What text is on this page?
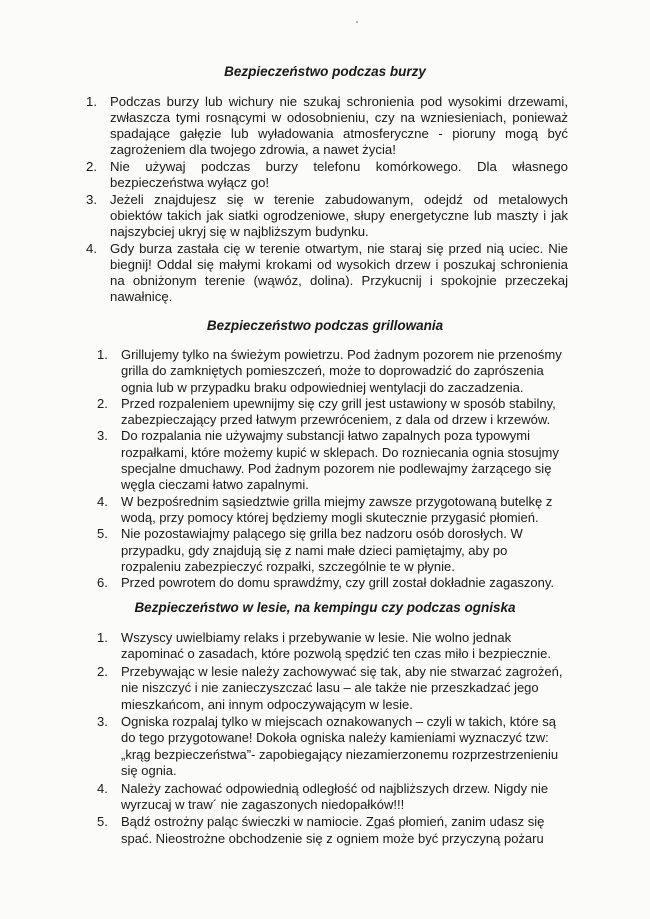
Bezpieczeństwo podczas burzy
1. Podczas burzy lub wichury nie szukaj schronienia pod wysokimi drzewami, zwłaszcza tymi rosnącymi w odosobnieniu, czy na wzniesieniach, ponieważ spadające gałęzie lub wyładowania atmosferyczne - pioruny mogą być zagrożeniem dla twojego zdrowia, a nawet życia!
2. Nie używaj podczas burzy telefonu komórkowego. Dla własnego bezpieczeństwa wyłącz go!
3. Jeżeli znajdujesz się w terenie zabudowanym, odejdź od metalowych obiektów takich jak siatki ogrodzeniowe, słupy energetyczne lub maszty i jak najszybciej ukryj się w najbliższym budynku.
4. Gdy burza zastała cię w terenie otwartym, nie staraj się przed nią uciec. Nie biegnij! Oddal się małymi krokami od wysokich drzew i poszukaj schronienia na obniżonym terenie (wąwóz, dolina). Przykucnij i spokojnie przeczekaj nawałnicę.
Bezpieczeństwo podczas grillowania
1. Grillujemy tylko na świeżym powietrzu. Pod żadnym pozorem nie przenośmy grilla do zamkniętych pomieszczeń, może to doprowadzić do zaprószenia ognia lub w przypadku braku odpowiedniej wentylacji do zaczadzenia.
2. Przed rozpaleniem upewnijmy się czy grill jest ustawiony w sposób stabilny, zabezpieczający przed łatwym przewróceniem, z dala od drzew i krzewów.
3. Do rozpalania nie używajmy substancji łatwo zapalnych poza typowymi rozpałkami, które możemy kupić w sklepach. Do rozniecania ognia stosujmy specjalne dmuchawy. Pod żadnym pozorem nie podlewajmy żarzącego się węgla cieczami łatwo zapalnymi.
4. W bezpośrednim sąsiedztwie grilla miejmy zawsze przygotowaną butelkę z wodą, przy pomocy której będziemy mogli skutecznie przygasić płomień.
5. Nie pozostawiajmy palącego się grilla bez nadzoru osób dorosłych. W przypadku, gdy znajdują się z nami małe dzieci pamiętajmy, aby po rozpaleniu zabezpieczyć rozpałki, szczególnie te w płynie.
6. Przed powrotem do domu sprawdźmy, czy grill został dokładnie zagaszony.
Bezpieczeństwo w lesie, na kempingu czy podczas ogniska
1. Wszyscy uwielbiamy relaks i przebywanie w lesie. Nie wolno jednak zapominać o zasadach, które pozwolą spędzić ten czas miło i bezpiecznie.
2. Przebywając w lesie należy zachowywać się tak, aby nie stwarzać zagrożeń, nie niszczyć i nie zanieczyszczać lasu – ale także nie przeszkadzać jego mieszkańcom, ani innym odpoczywającym w lesie.
3. Ogniska rozpalaj tylko w miejscach oznakowanych – czyli w takich, które są do tego przygotowane! Dokoła ogniska należy kamieniami wyznaczyć tzw: „krąg bezpieczeństwa”- zapobiegający niezamierzonemu rozprzestrzenieniu się ognia.
4. Należy zachować odpowiednią odległość od najbliższych drzew. Nigdy nie wyrzucaj w traw´ nie zagaszonych niedopałków!!!
5. Bądź ostrożny paląc świeczki w namiocie. Zgaś płomień, zanim udasz się spać. Nieostrożne obchodzenie się z ogniem może być przyczyną pożaru
